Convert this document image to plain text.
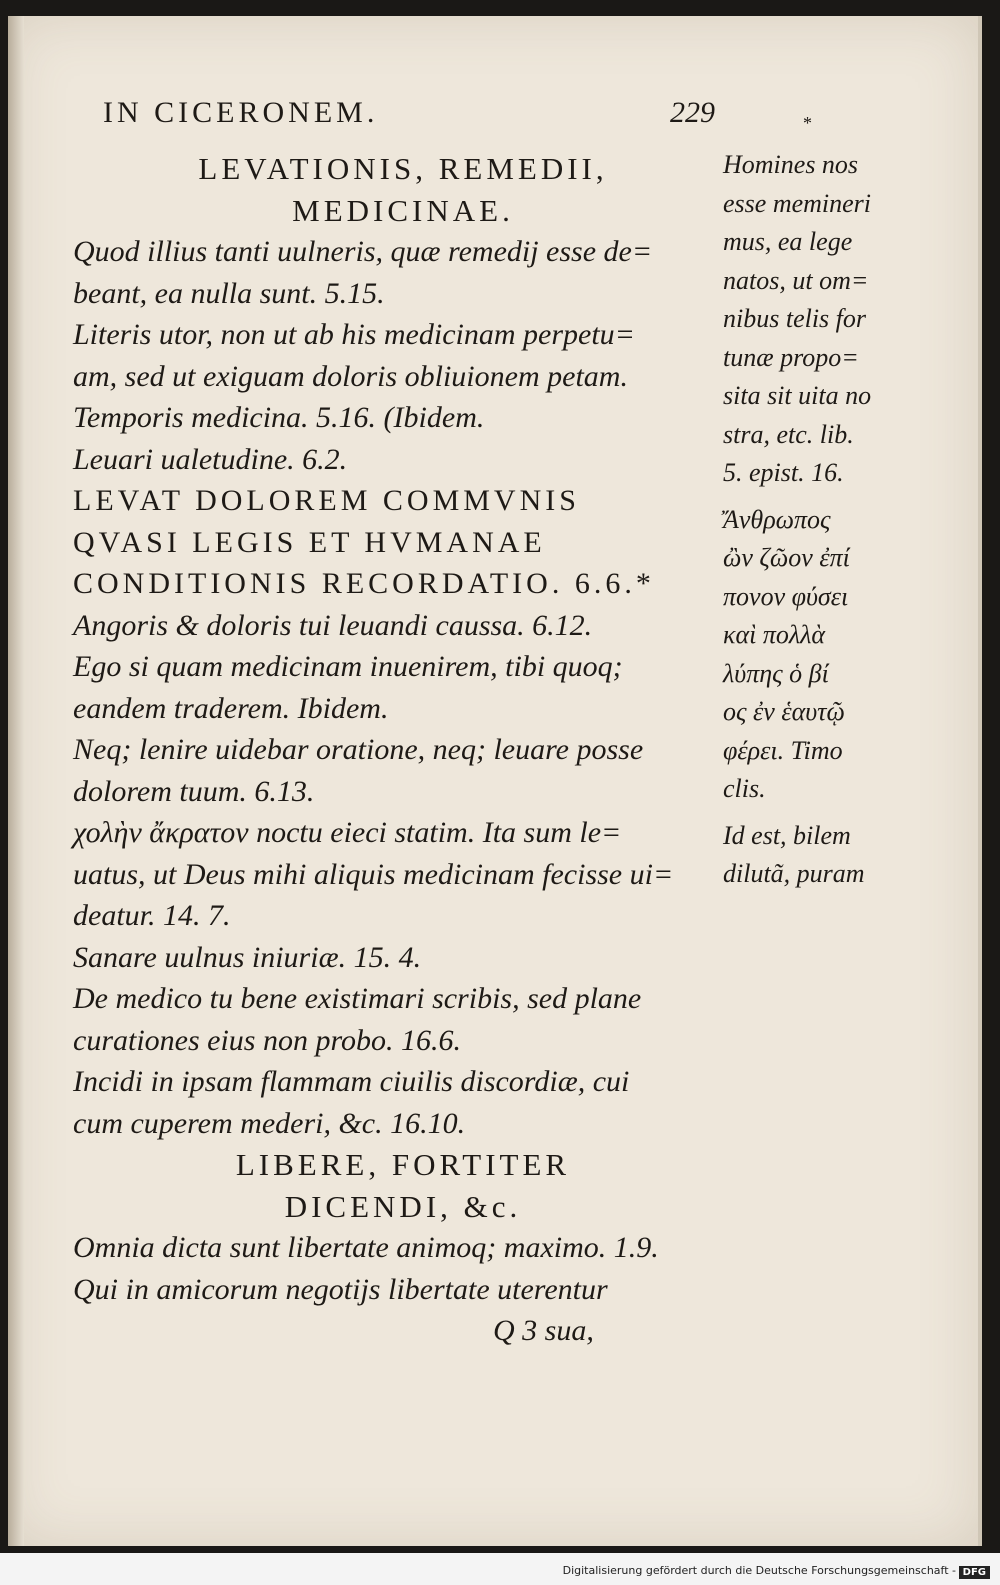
IN CICERONEM.	229	*
LEVATIONIS, REMEDII,
MEDICINAE.
Quod illius tanti uulneris, quæ remedij esse de=
beant, ea nulla sunt. 5.15.
Literis utor, non ut ab his medicinam perpetu=
am, sed ut exiguam doloris obliuionem petam.
Temporis medicina. 5.16. (Ibidem.
Leuari ualetudine. 6.2.
LEVAT DOLOREM COMMVNIS
QVASI LEGIS ET HVMANAE
CONDITIONIS RECORDATIO. 6.6.*
Angoris & doloris tui leuandi caussa. 6.12.
Ego si quam medicinam inuenirem, tibi quoq;
eandem traderem. Ibidem.
Neq; lenire uidebar oratione, neq; leuare posse
dolorem tuum. 6.13.
χολὴν ἄκρατον noctu eieci statim. Ita sum le=
uatus, ut Deus mihi aliquis medicinam fecisse ui=
deatur. 14. 7.
Sanare uulnus iniuriæ. 15. 4.
De medico tu bene existimari scribis, sed plane
curationes eius non probo. 16.6.
Incidi in ipsam flammam ciuilis discordiæ, cui
cum cuperem mederi, &c. 16.10.
LIBERE, FORTITER
DICENDI, &c.
Omnia dicta sunt libertate animoq; maximo. 1.9.
Qui in amicorum negotijs libertate uterentur
Q 3 sua,
Homines nos
esse memineri
mus, ea lege
natos, ut om=
nibus telis for
tunæ propo=
sita sit uita no
stra, etc. lib.
5. epist. 16.
Ἄνθρωπος
ὢν ζῶον ἐπί
πονον φύσει
καὶ πολλὰ
λύπης ὁ βί
ος ἐν ἑαυτῷ
φέρει. Timo
clis.
Id est, bilem
dilutã, puram
Digitalisierung gefördert durch die Deutsche Forschungsgemeinschaft - DFG
